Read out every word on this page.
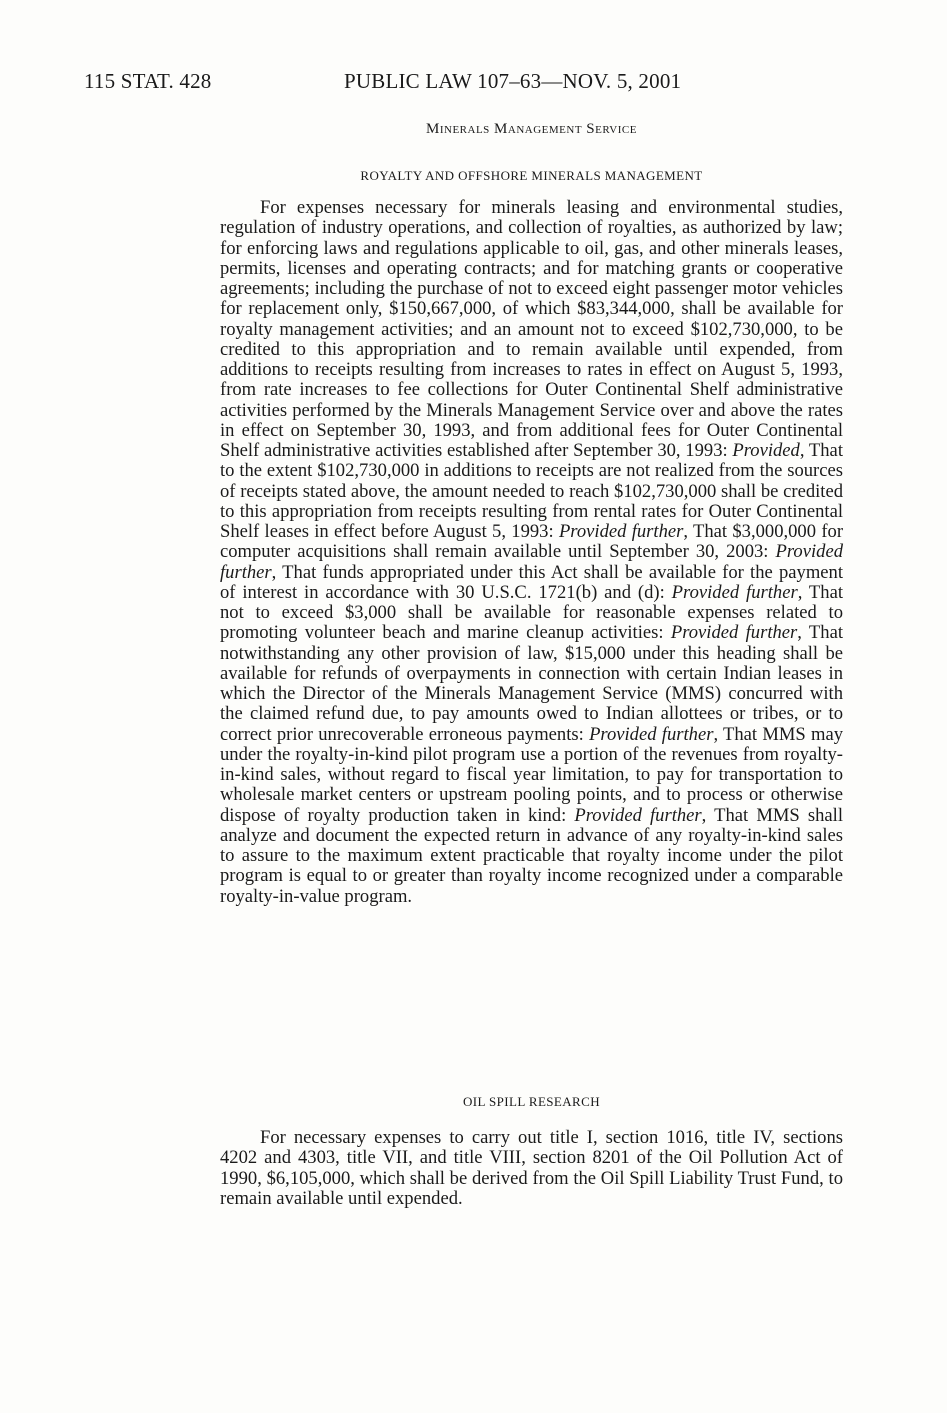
115 STAT. 428	PUBLIC LAW 107–63—NOV. 5, 2001
Minerals Management Service
ROYALTY AND OFFSHORE MINERALS MANAGEMENT

For expenses necessary for minerals leasing and environmental studies, regulation of industry operations, and collection of royalties, as authorized by law; for enforcing laws and regulations applicable to oil, gas, and other minerals leases, permits, licenses and operating contracts; and for matching grants or cooperative agreements; including the purchase of not to exceed eight passenger motor vehicles for replacement only, $150,667,000, of which $83,344,000, shall be available for royalty management activities; and an amount not to exceed $102,730,000, to be credited to this appropriation and to remain available until expended, from additions to receipts resulting from increases to rates in effect on August 5, 1993, from rate increases to fee collections for Outer Continental Shelf administrative activities performed by the Minerals Management Service over and above the rates in effect on September 30, 1993, and from additional fees for Outer Continental Shelf administrative activities established after September 30, 1993: Provided, That to the extent $102,730,000 in additions to receipts are not realized from the sources of receipts stated above, the amount needed to reach $102,730,000 shall be credited to this appropriation from receipts resulting from rental rates for Outer Continental Shelf leases in effect before August 5, 1993: Provided further, That $3,000,000 for computer acquisitions shall remain available until September 30, 2003: Provided further, That funds appropriated under this Act shall be available for the payment of interest in accordance with 30 U.S.C. 1721(b) and (d): Provided further, That not to exceed $3,000 shall be available for reasonable expenses related to promoting volunteer beach and marine cleanup activities: Provided further, That notwithstanding any other provision of law, $15,000 under this heading shall be available for refunds of overpayments in connection with certain Indian leases in which the Director of the Minerals Management Service (MMS) concurred with the claimed refund due, to pay amounts owed to Indian allottees or tribes, or to correct prior unrecoverable erroneous payments: Provided further, That MMS may under the royalty-in-kind pilot program use a portion of the revenues from royalty-in-kind sales, without regard to fiscal year limitation, to pay for transportation to wholesale market centers or upstream pooling points, and to process or otherwise dispose of royalty production taken in kind: Provided further, That MMS shall analyze and document the expected return in advance of any royalty-in-kind sales to assure to the maximum extent practicable that royalty income under the pilot program is equal to or greater than royalty income recognized under a comparable royalty-in-value program.

OIL SPILL RESEARCH

For necessary expenses to carry out title I, section 1016, title IV, sections 4202 and 4303, title VII, and title VIII, section 8201 of the Oil Pollution Act of 1990, $6,105,000, which shall be derived from the Oil Spill Liability Trust Fund, to remain available until expended.
